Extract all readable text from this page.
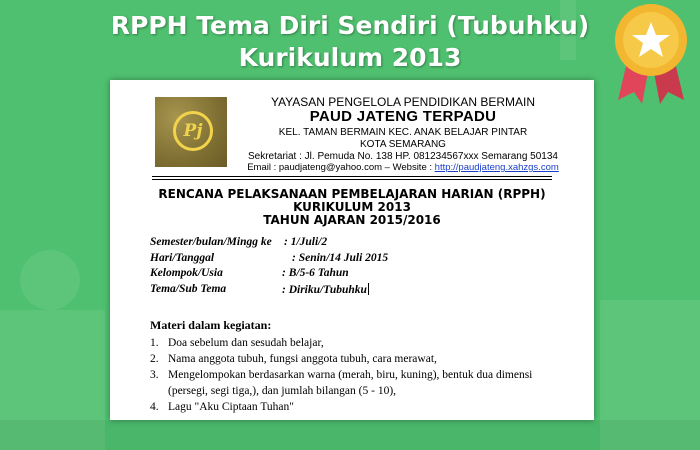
RPPH Tema Diri Sendiri (Tubuhku)
Kurikulum 2013
Pj
YAYASAN PENGELOLA PENDIDIKAN BERMAIN
PAUD JATENG TERPADU
KEL. TAMAN BERMAIN KEC. ANAK BELAJAR PINTAR
KOTA SEMARANG
Sekretariat : Jl. Pemuda No. 138 HP. 081234567xxx Semarang 50134
Email : paudjateng@yahoo.com – Website : http://paudjateng.xahzgs.com
RENCANA PELAKSANAAN PEMBELAJARAN HARIAN (RPPH)
KURIKULUM 2013
TAHUN AJARAN 2015/2016
Semester/bulan/Mingg ke : 1/Juli/2
Hari/Tanggal	: Senin/14 Juli 2015
Kelompok/Usia	: B/5-6 Tahun
Tema/Sub Tema	: Diriku/Tubuhku
Materi dalam kegiatan:
1. Doa sebelum dan sesudah belajar,
2. Nama anggota tubuh, fungsi anggota tubuh, cara merawat,
3. Mengelompokan berdasarkan warna (merah, biru, kuning), bentuk dua dimensi
(persegi, segi tiga,), dan jumlah bilangan (5 - 10),
4. Lagu "Aku Ciptaan Tuhan"
